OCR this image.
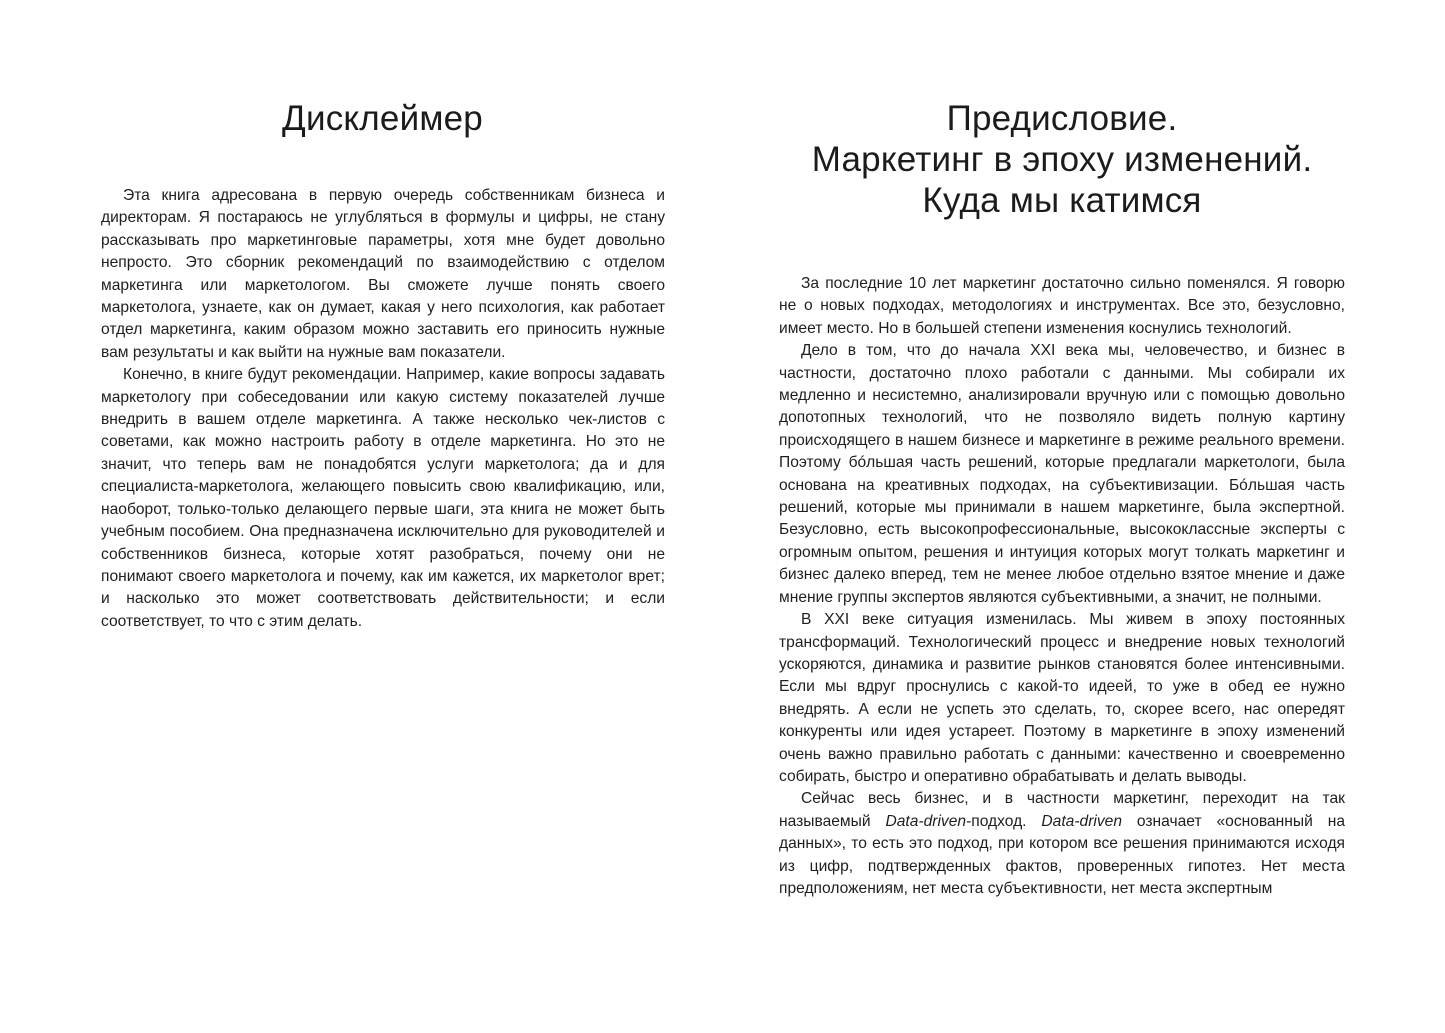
Дисклеймер

Эта книга адресована в первую очередь собственникам бизнеса и директорам. Я постараюсь не углубляться в формулы и цифры, не стану рассказывать про маркетинговые параметры, хотя мне будет довольно непросто. Это сборник рекомендаций по взаимодействию с отделом маркетинга или маркетологом. Вы сможете лучше понять своего маркетолога, узнаете, как он думает, какая у него психология, как работает отдел маркетинга, каким образом можно заставить его приносить нужные вам результаты и как выйти на нужные вам показатели.

Конечно, в книге будут рекомендации. Например, какие вопросы задавать маркетологу при собеседовании или какую систему показателей лучше внедрить в вашем отделе маркетинга. А также несколько чек-листов с советами, как можно настроить работу в отделе маркетинга. Но это не значит, что теперь вам не понадобятся услуги маркетолога; да и для специалиста-маркетолога, желающего повысить свою квалификацию, или, наоборот, только-только делающего первые шаги, эта книга не может быть учебным пособием. Она предназначена исключительно для руководителей и собственников бизнеса, которые хотят разобраться, почему они не понимают своего маркетолога и почему, как им кажется, их маркетолог врет; и насколько это может соответствовать действительности; и если соответствует, то что с этим делать.

Предисловие.
Маркетинг в эпоху изменений.
Куда мы катимся

За последние 10 лет маркетинг достаточно сильно поменялся. Я говорю не о новых подходах, методологиях и инструментах. Все это, безусловно, имеет место. Но в большей степени изменения коснулись технологий.

Дело в том, что до начала XXI века мы, человечество, и бизнес в частности, достаточно плохо работали с данными. Мы собирали их медленно и несистемно, анализировали вручную или с помощью довольно допотопных технологий, что не позволяло видеть полную картину происходящего в нашем бизнесе и маркетинге в режиме реального времени. Поэтому бóльшая часть решений, которые предлагали маркетологи, была основана на креативных подходах, на субъективизации. Бóльшая часть решений, которые мы принимали в нашем маркетинге, была экспертной. Безусловно, есть высокопрофессиональные, высококлассные эксперты с огромным опытом, решения и интуиция которых могут толкать маркетинг и бизнес далеко вперед, тем не менее любое отдельно взятое мнение и даже мнение группы экспертов являются субъективными, а значит, не полными.

В XXI веке ситуация изменилась. Мы живем в эпоху постоянных трансформаций. Технологический процесс и внедрение новых технологий ускоряются, динамика и развитие рынков становятся более интенсивными. Если мы вдруг проснулись с какой-то идеей, то уже в обед ее нужно внедрять. А если не успеть это сделать, то, скорее всего, нас опередят конкуренты или идея устареет. Поэтому в маркетинге в эпоху изменений очень важно правильно работать с данными: качественно и своевременно собирать, быстро и оперативно обрабатывать и делать выводы.

Сейчас весь бизнес, и в частности маркетинг, переходит на так называемый Data-driven-подход. Data-driven означает «основанный на данных», то есть это подход, при котором все решения принимаются исходя из цифр, подтвержденных фактов, проверенных гипотез. Нет места предположениям, нет места субъективности, нет места экспертным
